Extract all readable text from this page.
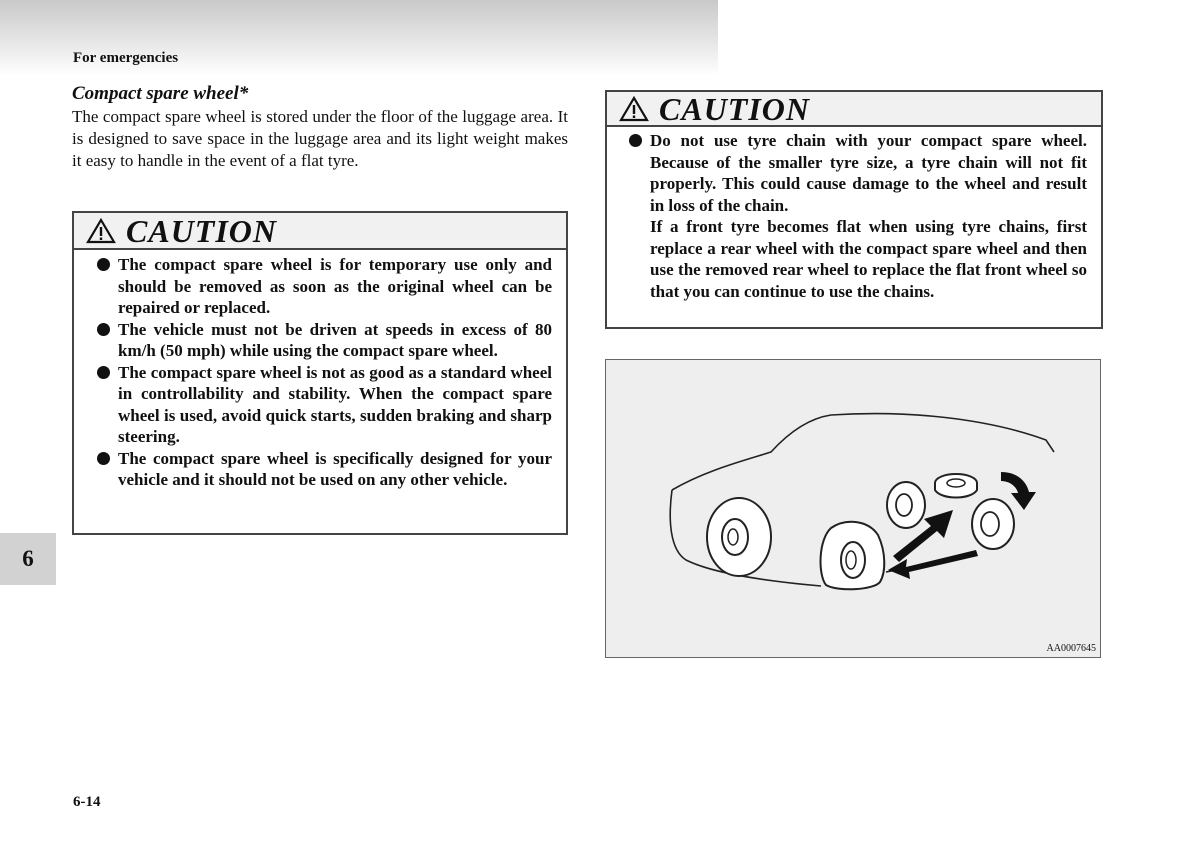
For emergencies
6
Compact spare wheel*
The compact spare wheel is stored under the floor of the luggage area. It is designed to save space in the luggage area and its light weight makes it easy to handle in the event of a flat tyre.
CAUTION
The compact spare wheel is for temporary use only and should be removed as soon as the original wheel can be repaired or replaced.
The vehicle must not be driven at speeds in excess of 80 km/h (50 mph) while using the compact spare wheel.
The compact spare wheel is not as good as a standard wheel in controllability and stability. When the compact spare wheel is used, avoid quick starts, sudden braking and sharp steering.
The compact spare wheel is specifically designed for your vehicle and it should not be used on any other vehicle.
CAUTION
Do not use tyre chain with your compact spare wheel. Because of the smaller tyre size, a tyre chain will not fit properly. This could cause damage to the wheel and result in loss of the chain.
If a front tyre becomes flat when using tyre chains, first replace a rear wheel with the compact spare wheel and then use the removed rear wheel to replace the flat front wheel so that you can continue to use the chains.
AA0007645
6-14
